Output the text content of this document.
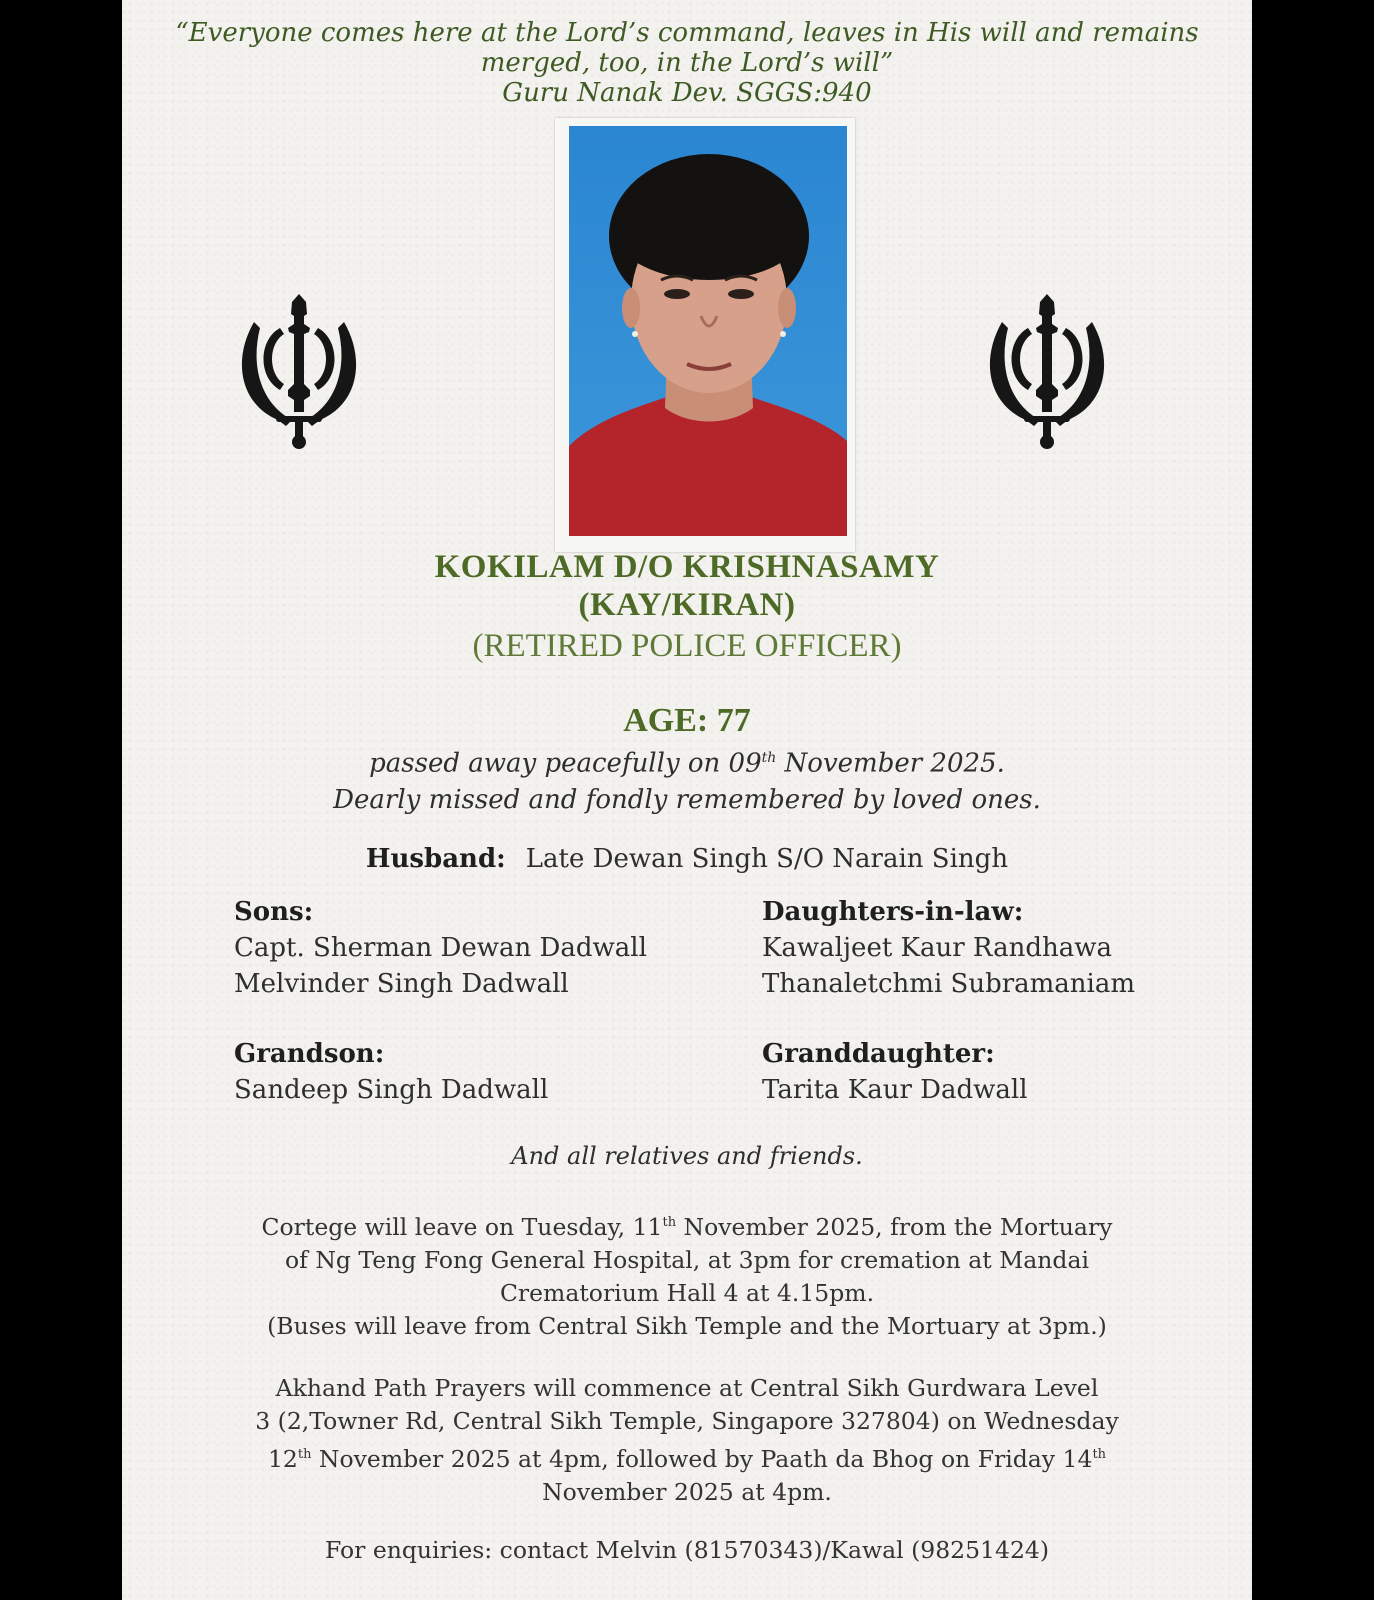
“Everyone comes here at the Lord’s command, leaves in His will and remains
merged, too, in the Lord’s will”
Guru Nanak Dev. SGGS:940
KOKILAM D/O KRISHNASAMY
(KAY/KIRAN)
(RETIRED POLICE OFFICER)
AGE: 77
passed away peacefully on 09th November 2025.
Dearly missed and fondly remembered by loved ones.
Husband: Late Dewan Singh S/O Narain Singh
Sons:
Capt. Sherman Dewan Dadwall
Melvinder Singh Dadwall
Daughters-in-law:
Kawaljeet Kaur Randhawa
Thanaletchmi Subramaniam
Grandson:
Sandeep Singh Dadwall
Granddaughter:
Tarita Kaur Dadwall
And all relatives and friends.
Cortege will leave on Tuesday, 11th November 2025, from the Mortuary
of Ng Teng Fong General Hospital, at 3pm for cremation at Mandai
Crematorium Hall 4 at 4.15pm.
(Buses will leave from Central Sikh Temple and the Mortuary at 3pm.)
Akhand Path Prayers will commence at Central Sikh Gurdwara Level
3 (2,Towner Rd, Central Sikh Temple, Singapore 327804) on Wednesday
12th November 2025 at 4pm, followed by Paath da Bhog on Friday 14th
November 2025 at 4pm.
For enquiries: contact Melvin (81570343)/Kawal (98251424)
